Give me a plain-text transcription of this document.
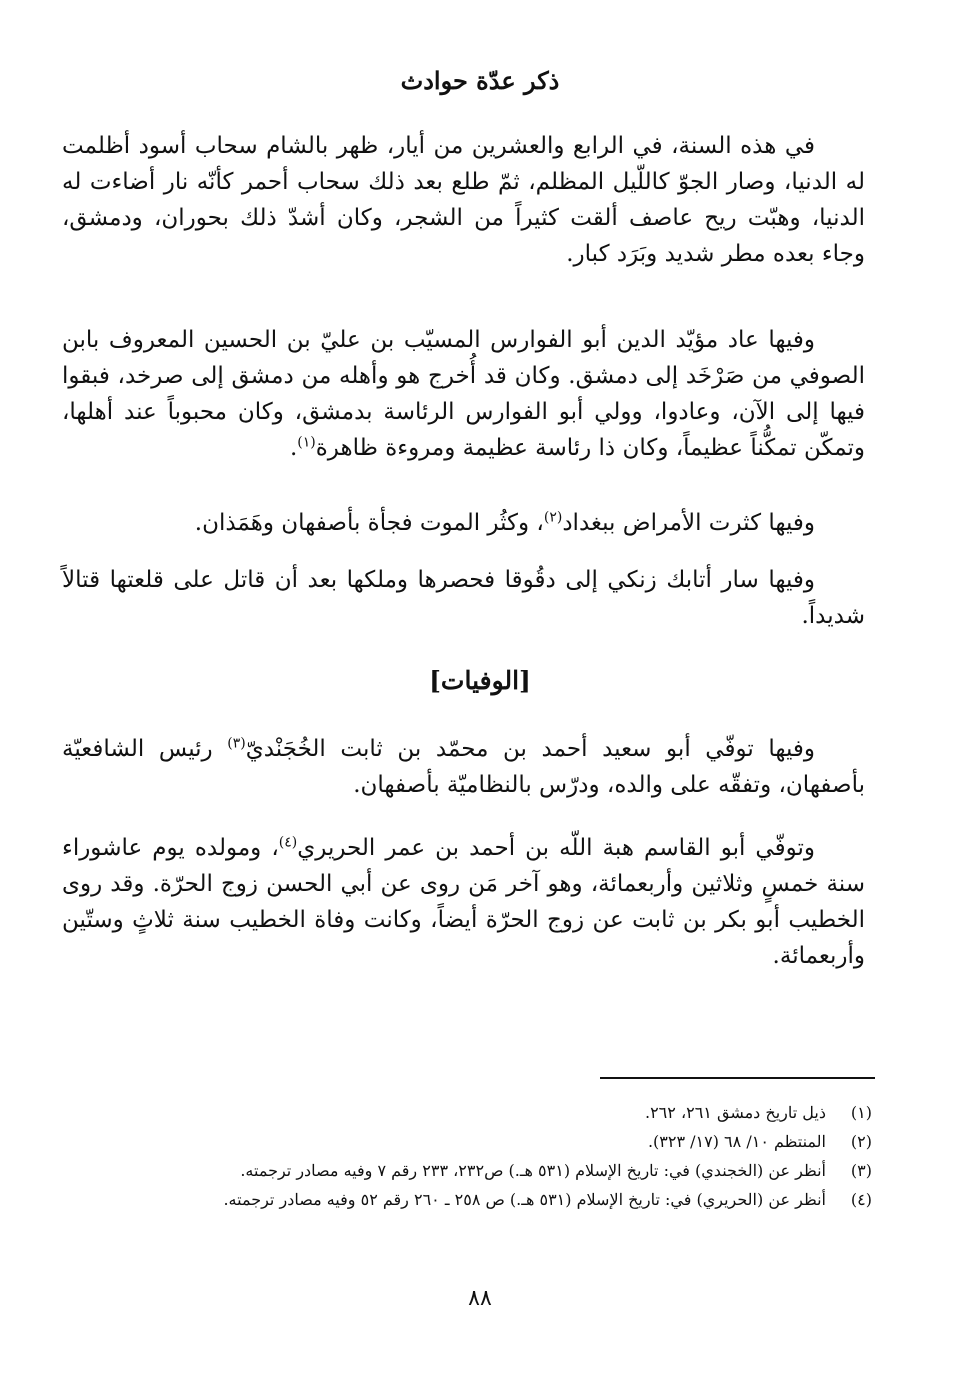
ذكر عدّة حوادث

في هذه السنة، في الرابع والعشرين من أيار، ظهر بالشام سحاب أسود أظلمت له الدنيا، وصار الجوّ كاللّيل المظلم، ثمّ طلع بعد ذلك سحاب أحمر كأنّه نار أضاءت له الدنيا، وهبّت ريح عاصف ألقت كثيراً من الشجر، وكان أشدّ ذلك بحوران، ودمشق، وجاء بعده مطر شديد وبَرَد كبار.

وفيها عاد مؤيّد الدين أبو الفوارس المسيّب بن عليّ بن الحسين المعروف بابن الصوفي من صَرْخَد إلى دمشق. وكان قد أُخرج هو وأهله من دمشق إلى صرخد، فبقوا فيها إلى الآن، وعادوا، وولي أبو الفوارس الرئاسة بدمشق، وكان محبوباً عند أهلها، وتمكّن تمكُّناً عظيماً، وكان ذا رئاسة عظيمة ومروءة ظاهرة$^{(١)}$.

وفيها كثرت الأمراض ببغداد$^{(٢)}$، وكثُر الموت فجأة بأصفهان وهَمَذان.

وفيها سار أتابك زنكي إلى دقُوقا فحصرها وملكها بعد أن قاتل على قلعتها قتالاً شديداً.

[الوفيات]

وفيها توفّي أبو سعيد أحمد بن محمّد بن ثابت الخُجَنْديّ$^{(٣)}$ رئيس الشافعيّة بأصفهان، وتفقّه على والده، ودرّس بالنظاميّة بأصفهان.

وتوفّي أبو القاسم هبة اللّه بن أحمد بن عمر الحريري$^{(٤)}$، ومولده يوم عاشوراء سنة خمسٍ وثلاثين وأربعمائة، وهو آخر مَن روى عن أبي الحسن زوج الحرّة. وقد روى الخطيب أبو بكر بن ثابت عن زوج الحرّة أيضاً، وكانت وفاة الخطيب سنة ثلاثٍ وستّين وأربعمائة.

(١)
ذيل تاريخ دمشق ٢٦١، ٢٦٢.
(٢)
المنتظم ١٠/ ٦٨ (١٧/ ٣٢٣).
(٣)
أنظر عن (الخجندي) في: تاريخ الإسلام (٥٣١ هـ.) ص٢٣٢، ٢٣٣ رقم ٧ وفيه مصادر ترجمته.
(٤)
أنظر عن (الحريري) في: تاريخ الإسلام (٥٣١ هـ.) ص ٢٥٨ ـ ٢٦٠ رقم ٥٢ وفيه مصادر ترجمته.
٨٨
